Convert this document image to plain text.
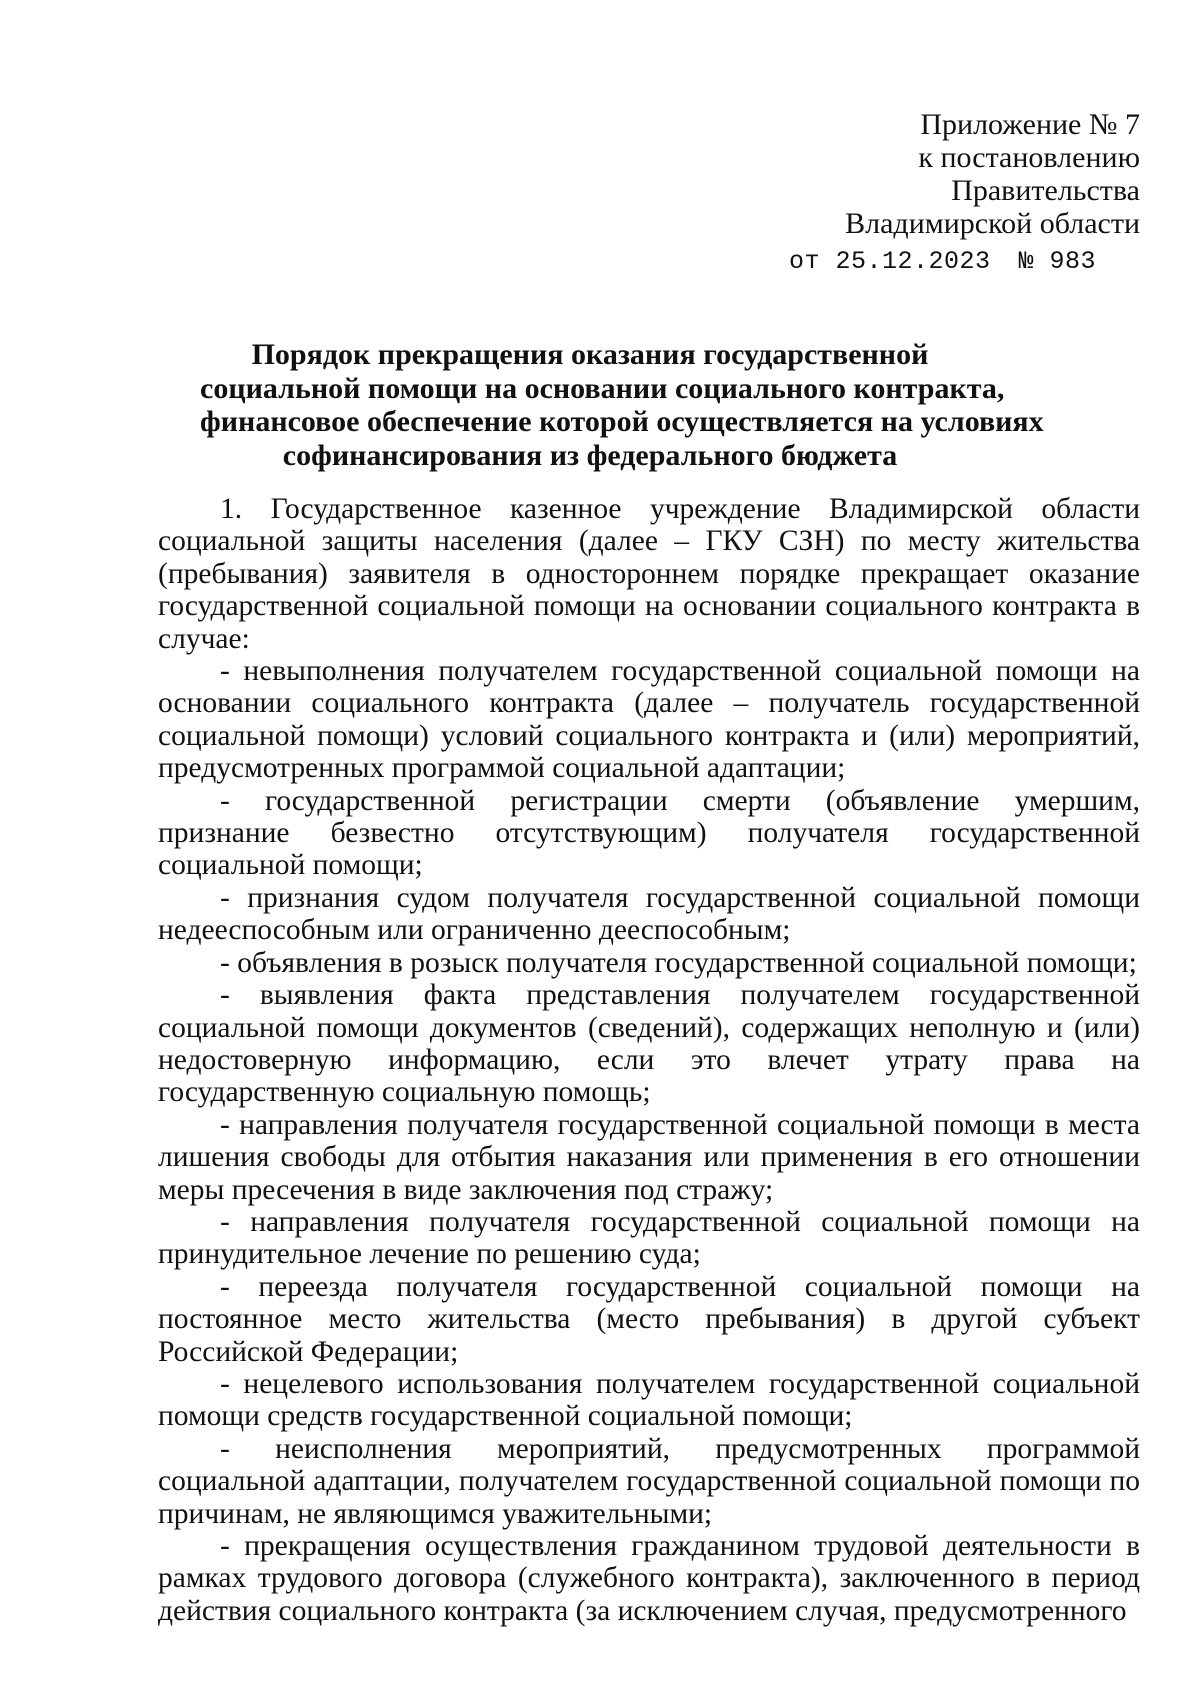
Приложение № 7
к постановлению
Правительства
Владимирской области
от 25.12.2023 № 983
Порядок прекращения оказания государственной
социальной помощи на основании социального контракта,
финансовое обеспечение которой осуществляется на условиях
софинансирования из федерального бюджета

1. Государственное казенное учреждение Владимирской области социальной защиты населения (далее – ГКУ СЗН) по месту жительства (пребывания) заявителя в одностороннем порядке прекращает оказание государственной социальной помощи на основании социального контракта в случае:

- невыполнения получателем государственной социальной помощи на основании социального контракта (далее – получатель государственной социальной помощи) условий социального контракта и (или) мероприятий, предусмотренных программой социальной адаптации;

- государственной регистрации смерти (объявление умершим, признание безвестно отсутствующим) получателя государственной социальной помощи;

- признания судом получателя государственной социальной помощи недееспособным или ограниченно дееспособным;

- объявления в розыск получателя государственной социальной помощи;

- выявления факта представления получателем государственной социальной помощи документов (сведений), содержащих неполную и (или) недостоверную информацию, если это влечет утрату права на государственную социальную помощь;

- направления получателя государственной социальной помощи в места лишения свободы для отбытия наказания или применения в его отношении меры пресечения в виде заключения под стражу;

- направления получателя государственной социальной помощи на принудительное лечение по решению суда;

- переезда получателя государственной социальной помощи на постоянное место жительства (место пребывания) в другой субъект Российской Федерации;

- нецелевого использования получателем государственной социальной помощи средств государственной социальной помощи;

- неисполнения мероприятий, предусмотренных программой социальной адаптации, получателем государственной социальной помощи по причинам, не являющимся уважительными;

- прекращения осуществления гражданином трудовой деятельности в рамках трудового договора (служебного контракта), заключенного в период действия социального контракта (за исключением случая, предусмотренного
